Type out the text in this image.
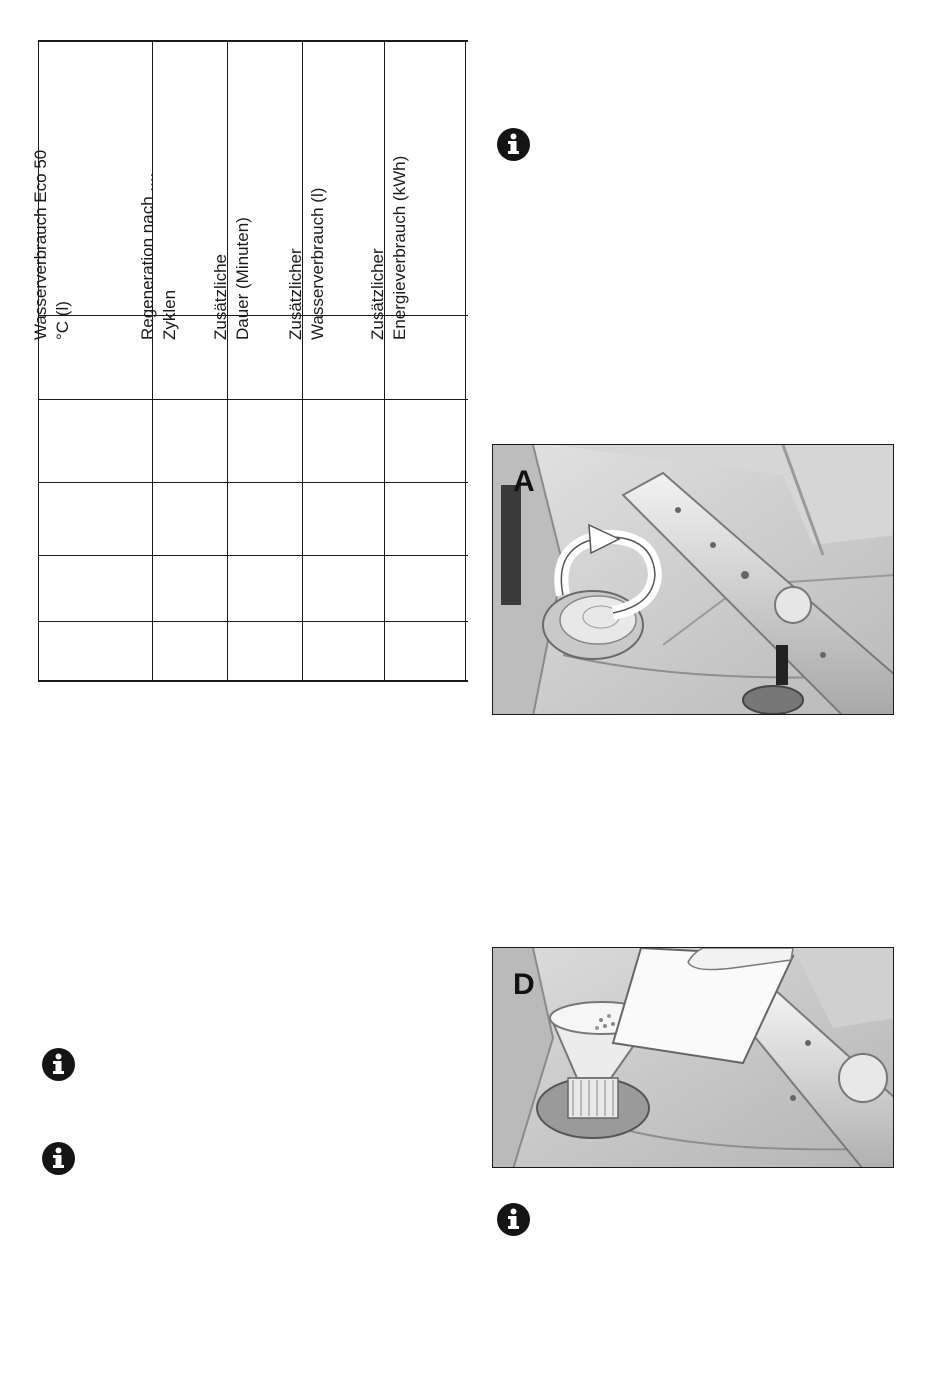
Wasserverbrauch Eco 50 °C (l)	Regeneration nach .... Zyklen Zusätzliche Dauer (Minuten) Zusätzlicher Wasserverbrauch (l) Zusätzlicher Energieverbrauch (kWh)
A
D
